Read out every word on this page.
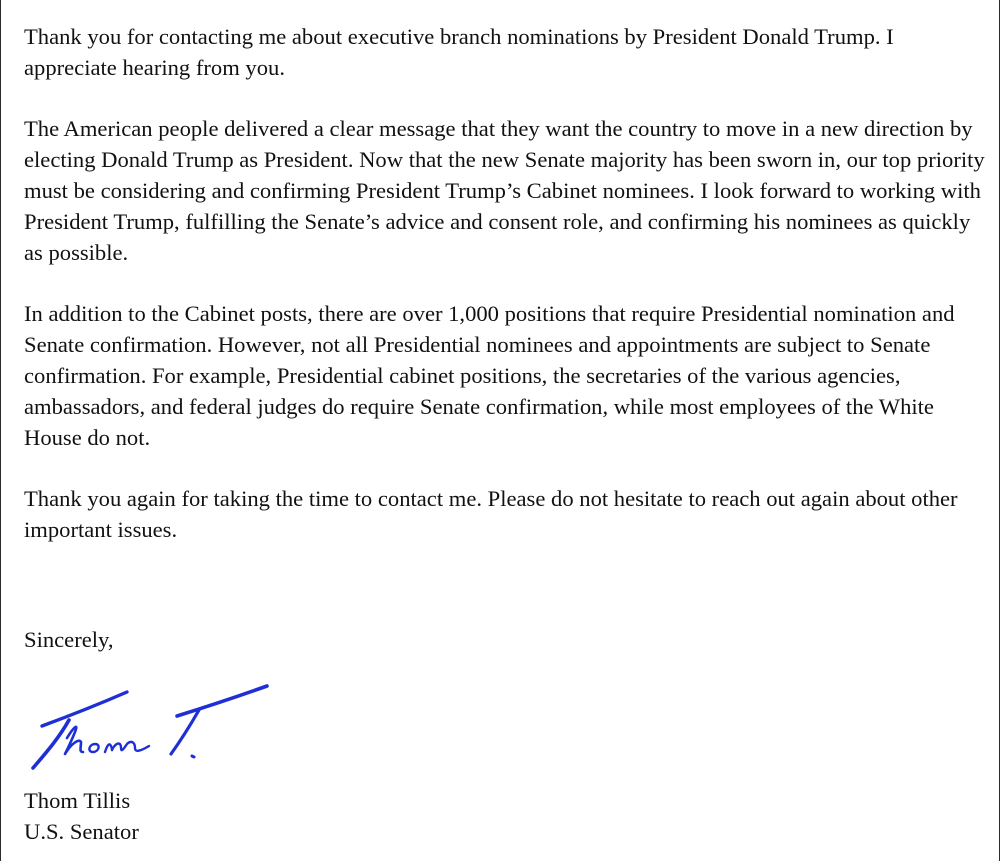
Thank you for contacting me about executive branch nominations by President Donald Trump. I appreciate hearing from you.

The American people delivered a clear message that they want the country to move in a new direction by electing Donald Trump as President. Now that the new Senate majority has been sworn in, our top priority must be considering and confirming President Trump’s Cabinet nominees. I look forward to working with President Trump, fulfilling the Senate’s advice and consent role, and confirming his nominees as quickly as possible.

In addition to the Cabinet posts, there are over 1,000 positions that require Presidential nomination and Senate confirmation. However, not all Presidential nominees and appointments are subject to Senate confirmation. For example, Presidential cabinet positions, the secretaries of the various agencies, ambassadors, and federal judges do require Senate confirmation, while most employees of the White House do not.

Thank you again for taking the time to contact me. Please do not hesitate to reach out again about other important issues.

Sincerely,
Thom Tillis
U.S. Senator
